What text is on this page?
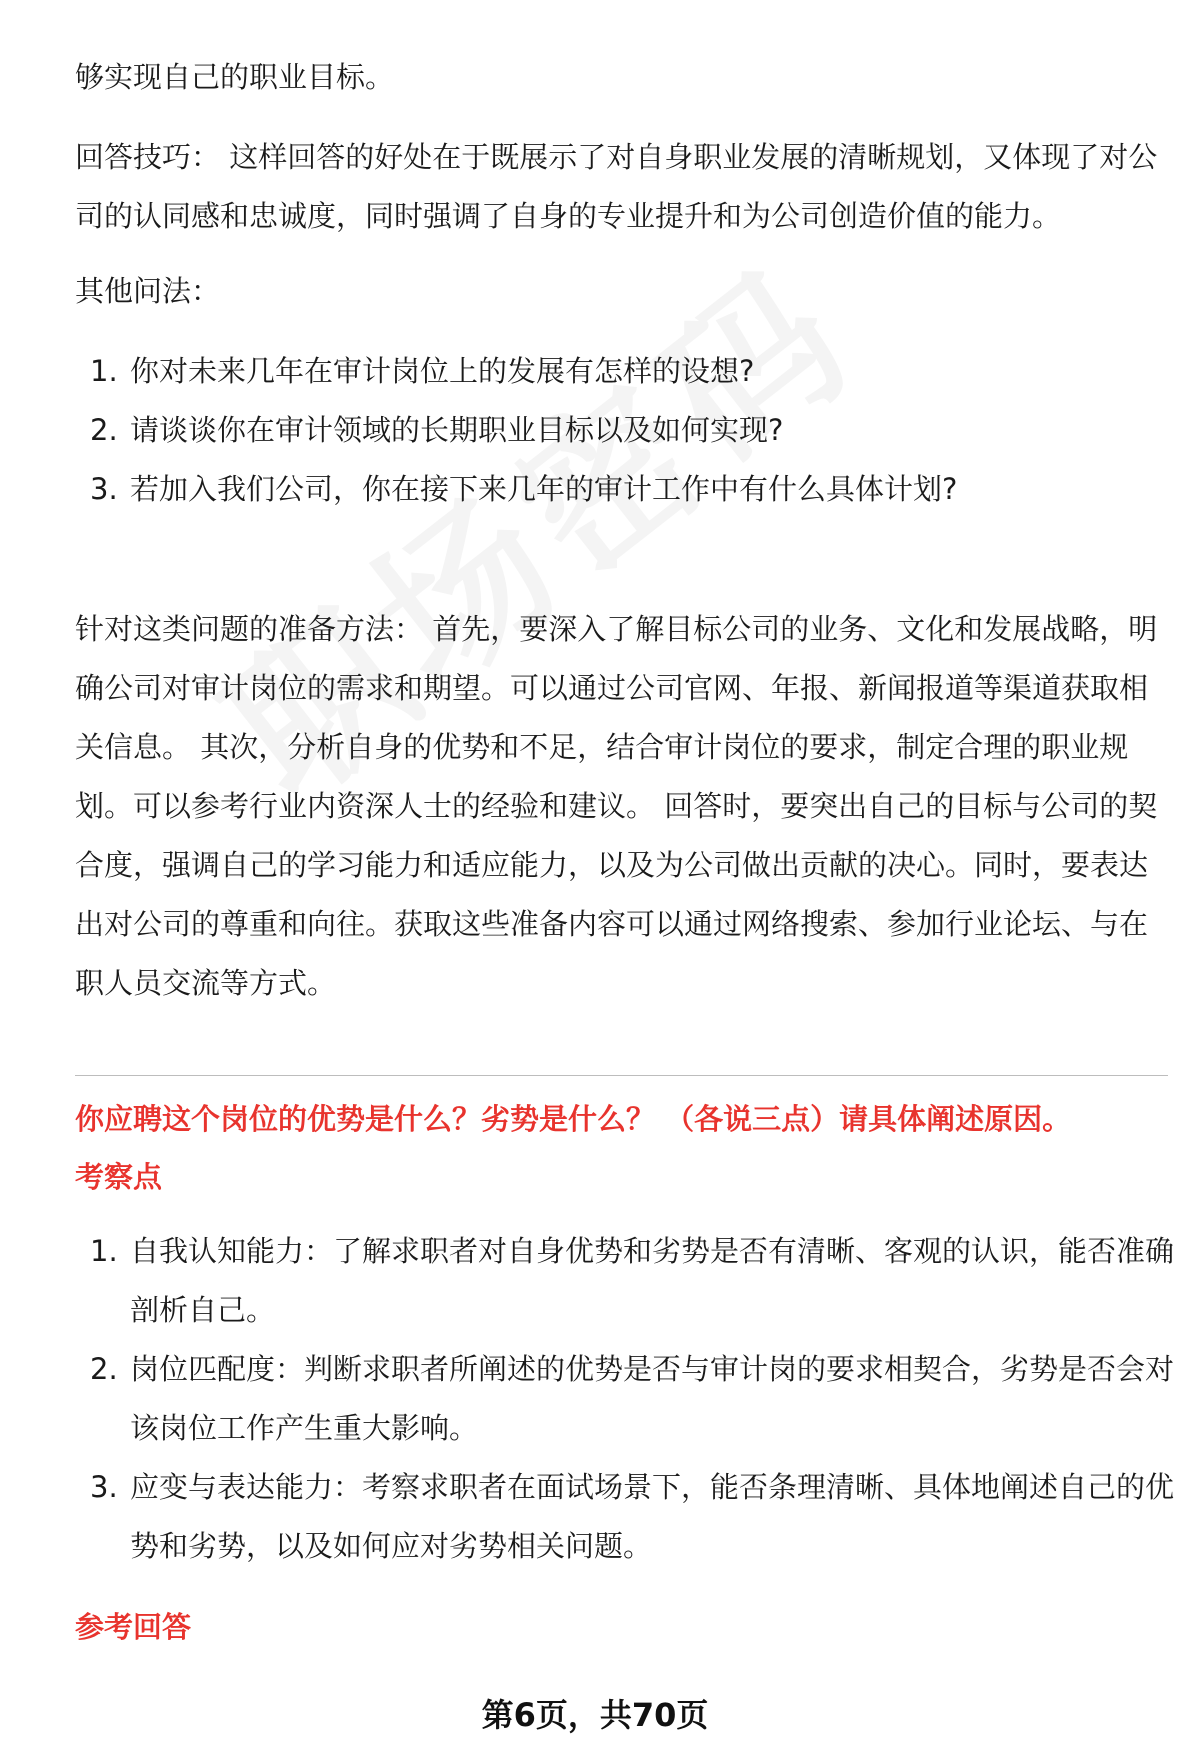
够实现自己的职业目标。

回答技巧： 这样回答的好处在于既展示了对自身职业发展的清晰规划，又体现了对公司的认同感和忠诚度，同时强调了自身的专业提升和为公司创造价值的能力。

其他问法：

1. 你对未来几年在审计岗位上的发展有怎样的设想?
2. 请谈谈你在审计领域的长期职业目标以及如何实现?
3. 若加入我们公司，你在接下来几年的审计工作中有什么具体计划?

针对这类问题的准备方法： 首先，要深入了解目标公司的业务、文化和发展战略，明确公司对审计岗位的需求和期望。可以通过公司官网、年报、新闻报道等渠道获取相关信息。 其次，分析自身的优势和不足，结合审计岗位的要求，制定合理的职业规划。可以参考行业内资深人士的经验和建议。 回答时，要突出自己的目标与公司的契合度，强调自己的学习能力和适应能力，以及为公司做出贡献的决心。同时，要表达出对公司的尊重和向往。获取这些准备内容可以通过网络搜索、参加行业论坛、与在职人员交流等方式。

你应聘这个岗位的优势是什么？劣势是什么？ （各说三点）请具体阐述原因。

考察点

1. 自我认知能力：了解求职者对自身优势和劣势是否有清晰、客观的认识，能否准确剖析自己。
2. 岗位匹配度：判断求职者所阐述的优势是否与审计岗的要求相契合，劣势是否会对该岗位工作产生重大影响。
3. 应变与表达能力：考察求职者在面试场景下，能否条理清晰、具体地阐述自己的优势和劣势，以及如何应对劣势相关问题。

参考回答

第6页，共70页
